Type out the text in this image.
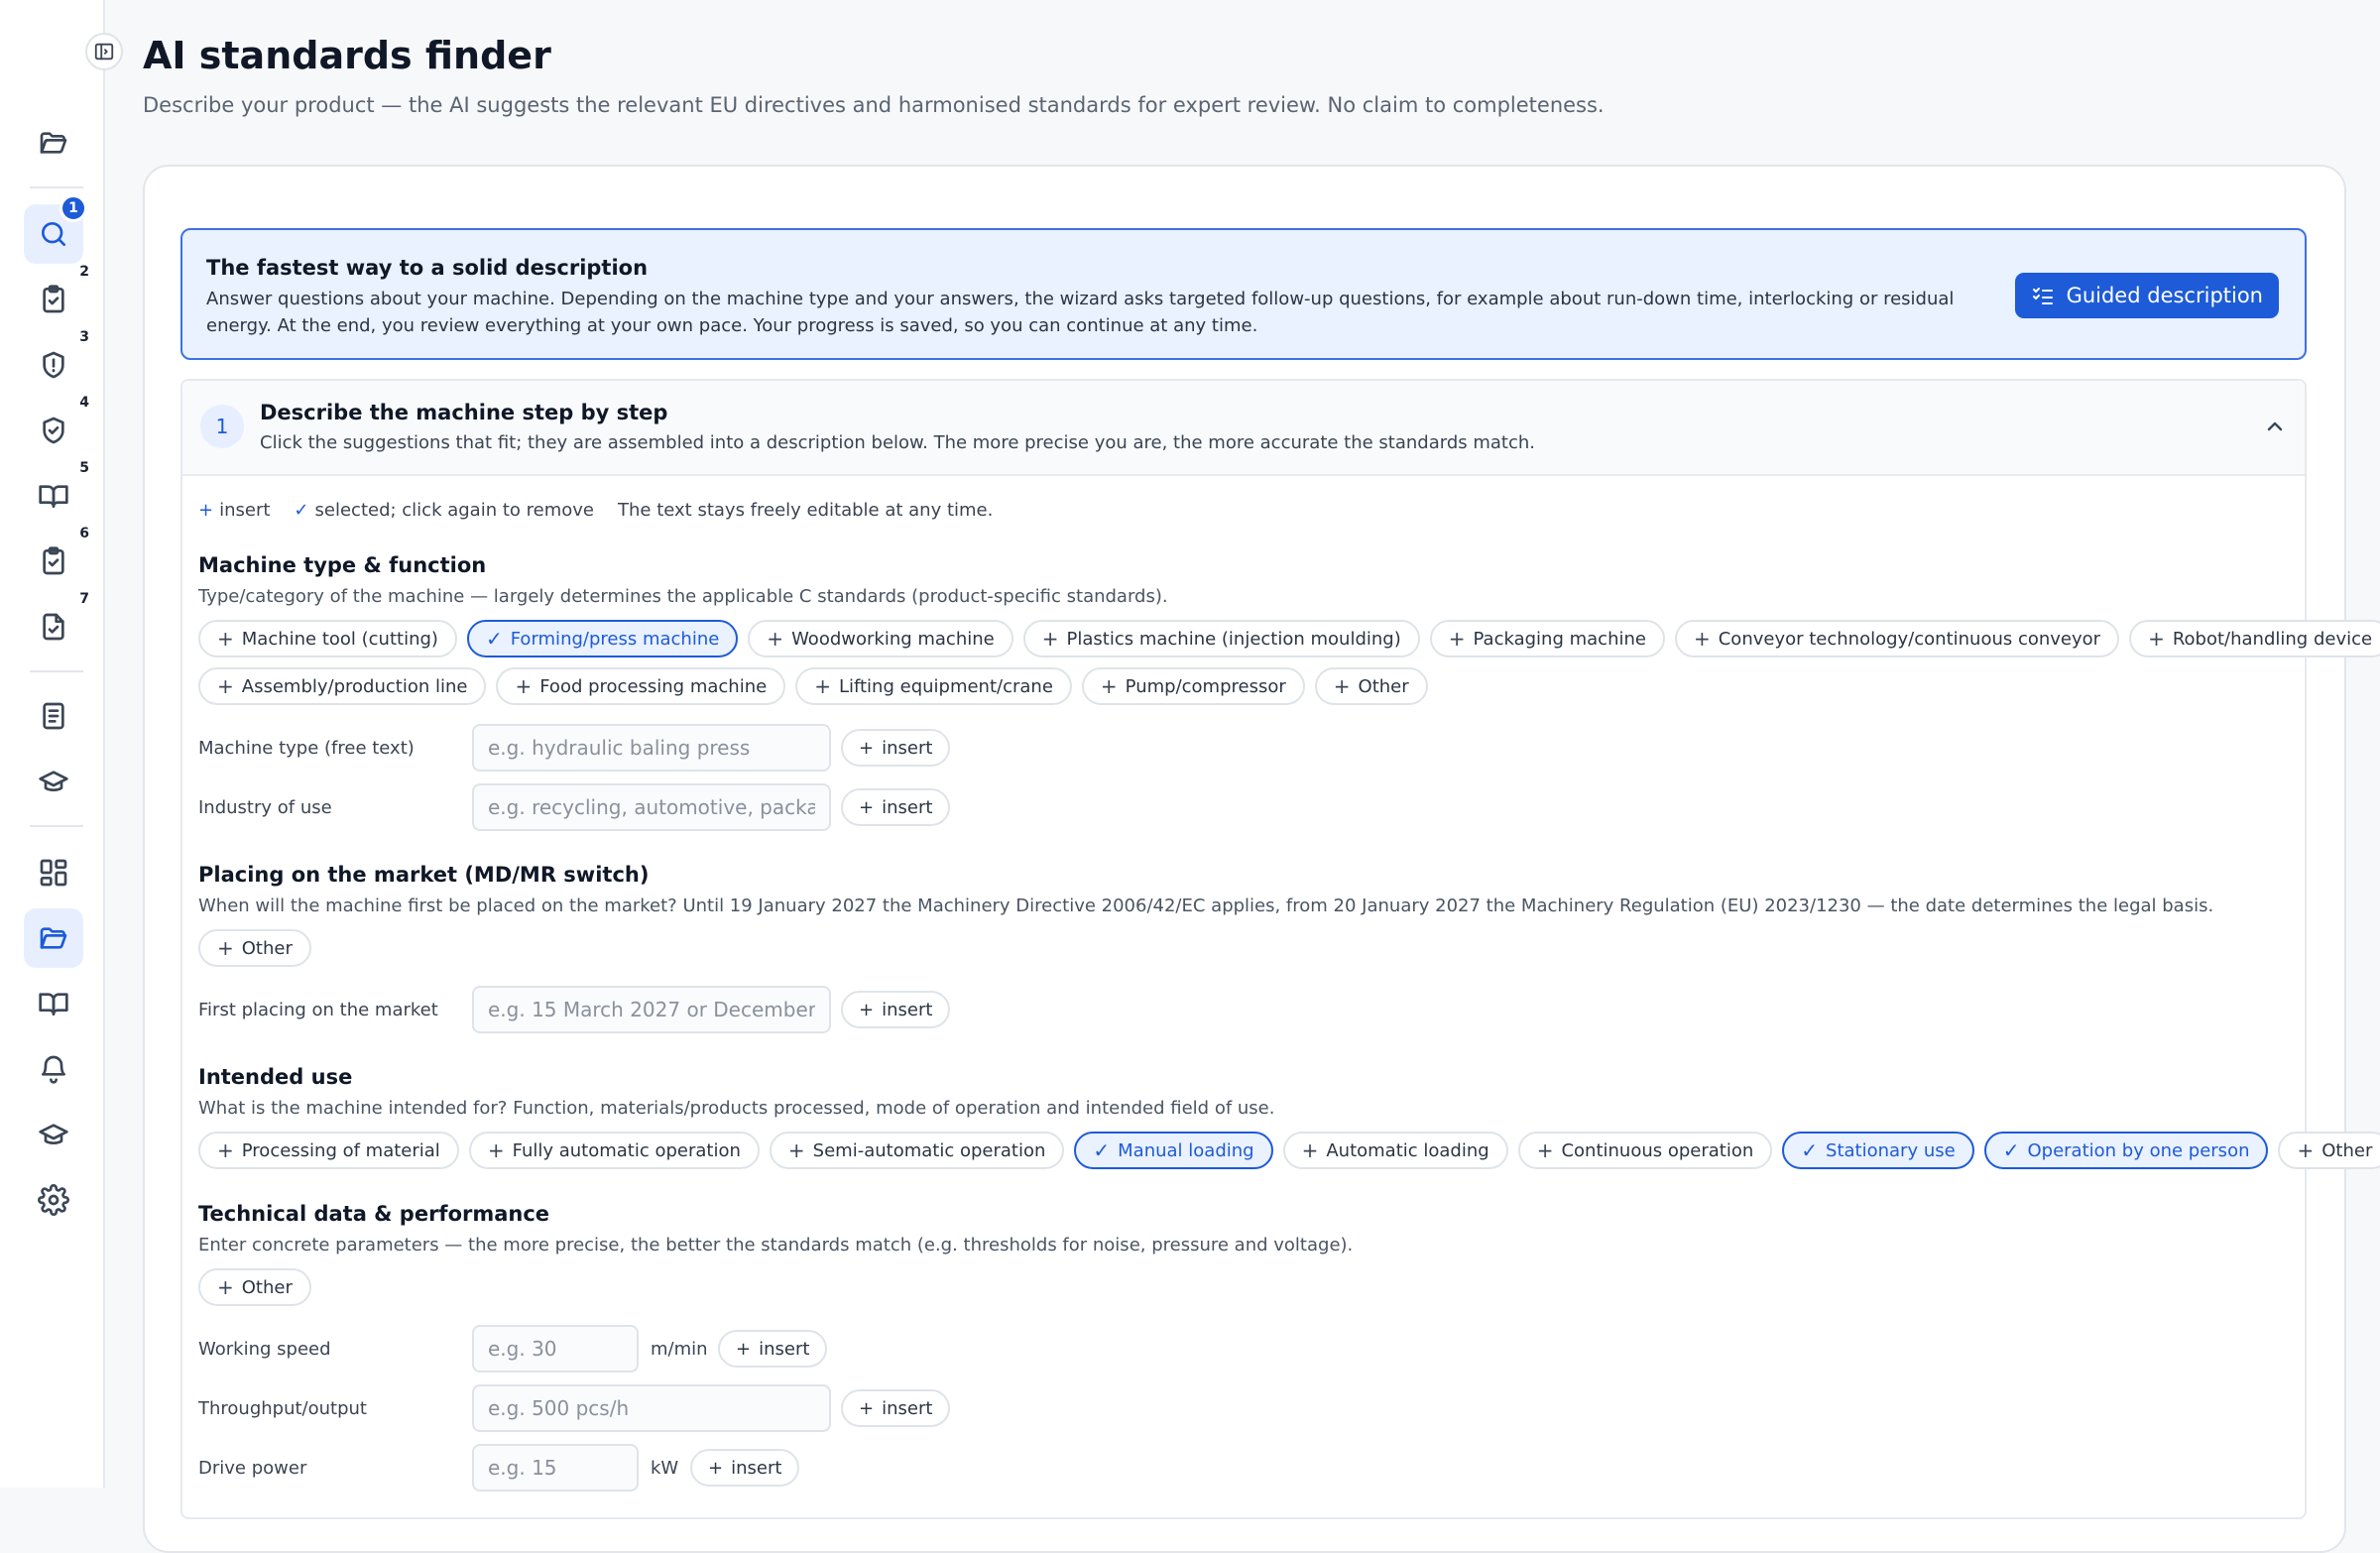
1
2
3
4
5
6
7
AI standards finder
Describe your product — the AI suggests the relevant EU directives and harmonised standards for expert review. No claim to completeness.
The fastest way to a solid description
Answer questions about your machine. Depending on the machine type and your answers, the wizard asks targeted follow-up questions, for example about run-down time, interlocking or residual energy. At the end, you review everything at your own pace. Your progress is saved, so you can continue at any time.
Guided description
1
Describe the machine step by step
Click the suggestions that fit; they are assembled into a description below. The more precise you are, the more accurate the standards match.
+ insert ✓ selected; click again to remove The text stays freely editable at any time.
Machine type & function
Type/category of the machine — largely determines the applicable C standards (product-specific standards).
+ Machine tool (cutting) ✓ Forming/press machine + Woodworking machine + Plastics machine (injection moulding) + Packaging machine + Conveyor technology/continuous conveyor + Robot/handling device
+ Assembly/production line + Food processing machine + Lifting equipment/crane + Pump/compressor + Other
Machine type (free text)
e.g. hydraulic baling press	+ insert
Industry of use
e.g. recycling, automotive, packagi	+ insert
Placing on the market (MD/MR switch)
When will the machine first be placed on the market? Until 19 January 2027 the Machinery Directive 2006/42/EC applies, from 20 January 2027 the Machinery Regulation (EU) 2023/1230 — the date determines the legal basis.
+ Other
First placing on the market
e.g. 15 March 2027 or December 2	+ insert
Intended use
What is the machine intended for? Function, materials/products processed, mode of operation and intended field of use.
+ Processing of material + Fully automatic operation + Semi-automatic operation ✓ Manual loading + Automatic loading + Continuous operation ✓ Stationary use ✓ Operation by one person + Other
Technical data & performance
Enter concrete parameters — the more precise, the better the standards match (e.g. thresholds for noise, pressure and voltage).
+ Other
Working speed
e.g. 30	m/min + insert
Throughput/output
e.g. 500 pcs/h	+ insert
Drive power
e.g. 15	kW + insert
